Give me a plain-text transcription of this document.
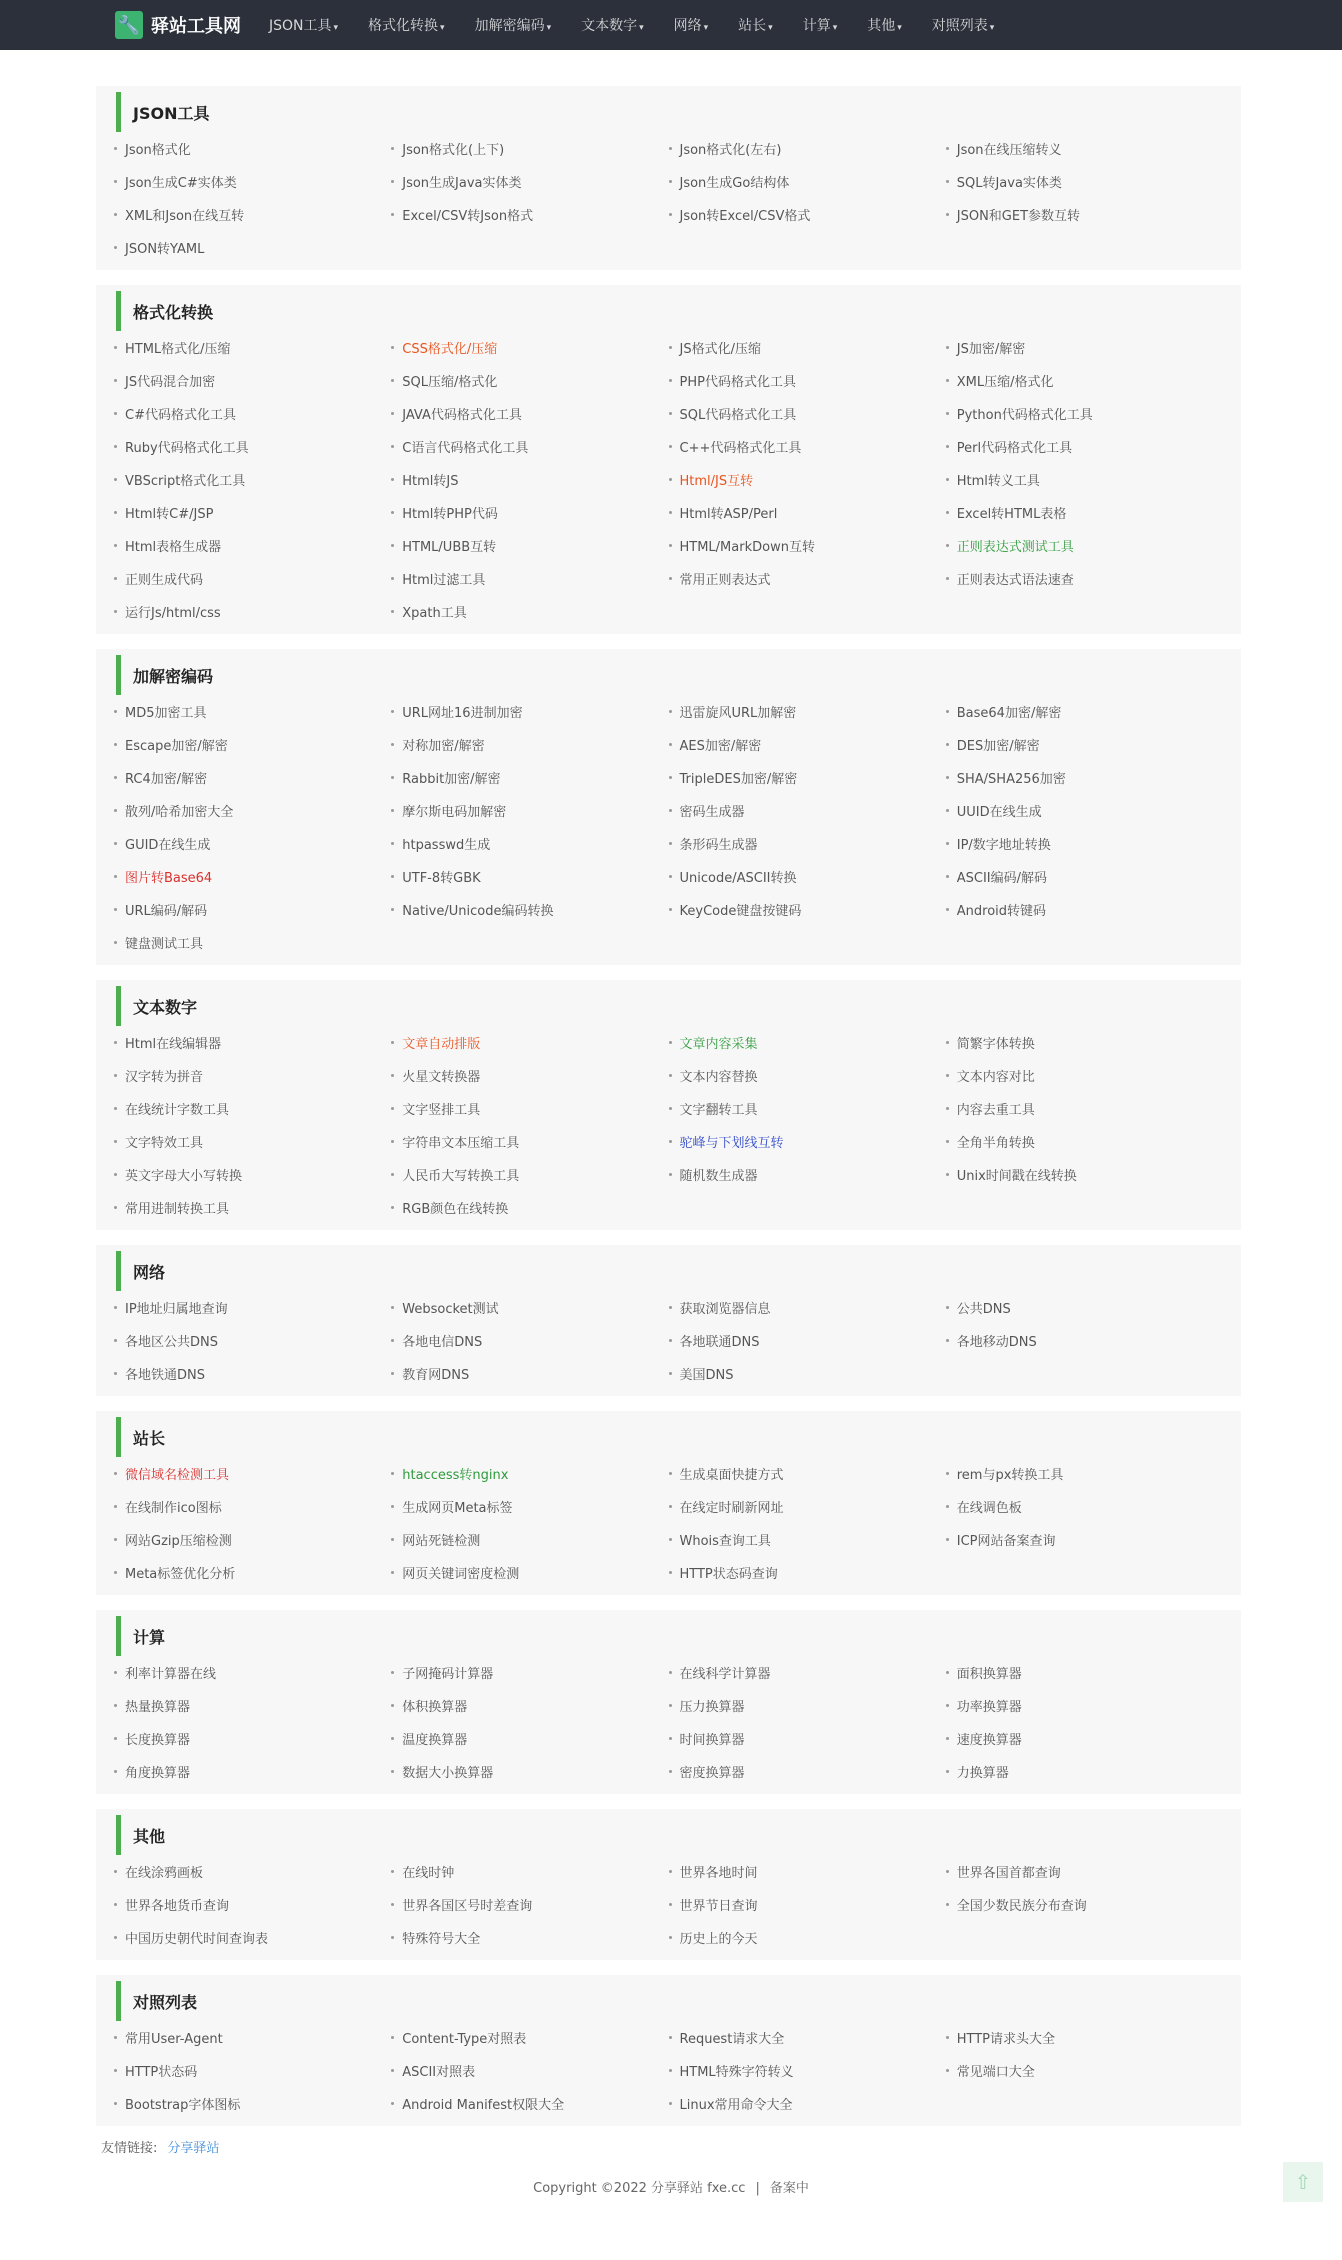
🔧 驿站工具网 JSON工具 ▾ 格式化转换 ▾ 加解密编码 ▾ 文本数字 ▾ 网络 ▾ 站长 ▾ 计算 ▾ 其他 ▾ 对照列表 ▾
JSON工具
Json格式化	Json格式化(上下)	Json格式化(左右)	Json在线压缩转义
Json生成C#实体类	Json生成Java实体类	Json生成Go结构体	SQL转Java实体类
XML和Json在线互转	Excel/CSV转Json格式	Json转Excel/CSV格式	JSON和GET参数互转
JSON转YAML
格式化转换
HTML格式化/压缩	CSS格式化/压缩	JS格式化/压缩	JS加密/解密
JS代码混合加密	SQL压缩/格式化	PHP代码格式化工具	XML压缩/格式化
C#代码格式化工具	JAVA代码格式化工具	SQL代码格式化工具	Python代码格式化工具
Ruby代码格式化工具	C语言代码格式化工具	C++代码格式化工具	Perl代码格式化工具
VBScript格式化工具	Html转JS	Html/JS互转	Html转义工具
Html转C#/JSP	Html转PHP代码	Html转ASP/Perl	Excel转HTML表格
Html表格生成器	HTML/UBB互转	HTML/MarkDown互转	正则表达式测试工具
正则生成代码	Html过滤工具	常用正则表达式	正则表达式语法速查
运行Js/html/css	Xpath工具
加解密编码
MD5加密工具	URL网址16进制加密	迅雷旋风URL加解密	Base64加密/解密
Escape加密/解密	对称加密/解密	AES加密/解密	DES加密/解密
RC4加密/解密	Rabbit加密/解密	TripleDES加密/解密	SHA/SHA256加密
散列/哈希加密大全	摩尔斯电码加解密	密码生成器	UUID在线生成
GUID在线生成	htpasswd生成	条形码生成器	IP/数字地址转换
图片转Base64	UTF-8转GBK	Unicode/ASCII转换	ASCII编码/解码
URL编码/解码	Native/Unicode编码转换	KeyCode键盘按键码	Android转键码
键盘测试工具
文本数字
Html在线编辑器	文章自动排版	文章内容采集	简繁字体转换
汉字转为拼音	火星文转换器	文本内容替换	文本内容对比
在线统计字数工具	文字竖排工具	文字翻转工具	内容去重工具
文字特效工具	字符串文本压缩工具	驼峰与下划线互转	全角半角转换
英文字母大小写转换	人民币大写转换工具	随机数生成器	Unix时间戳在线转换
常用进制转换工具	RGB颜色在线转换
网络
IP地址归属地查询	Websocket测试	获取浏览器信息	公共DNS
各地区公共DNS	各地电信DNS	各地联通DNS	各地移动DNS
各地铁通DNS	教育网DNS	美国DNS
站长
微信域名检测工具	htaccess转nginx	生成桌面快捷方式	rem与px转换工具
在线制作ico图标	生成网页Meta标签	在线定时刷新网址	在线调色板
网站Gzip压缩检测	网站死链检测	Whois查询工具	ICP网站备案查询
Meta标签优化分析	网页关键词密度检测	HTTP状态码查询
计算
利率计算器在线	子网掩码计算器	在线科学计算器	面积换算器
热量换算器	体积换算器	压力换算器	功率换算器
长度换算器	温度换算器	时间换算器	速度换算器
角度换算器	数据大小换算器	密度换算器	力换算器
其他
在线涂鸦画板	在线时钟	世界各地时间	世界各国首都查询
世界各地货币查询	世界各国区号时差查询	世界节日查询	全国少数民族分布查询
中国历史朝代时间查询表	特殊符号大全	历史上的今天
对照列表
常用User-Agent	Content-Type对照表	Request请求大全	HTTP请求头大全
HTTP状态码	ASCII对照表	HTML特殊字符转义	常见端口大全
Bootstrap字体图标	Android Manifest权限大全	Linux常用命令大全
友情链接: 分享驿站
Copyright ©2022 分享驿站 fxe.cc | 备案中	⇧
